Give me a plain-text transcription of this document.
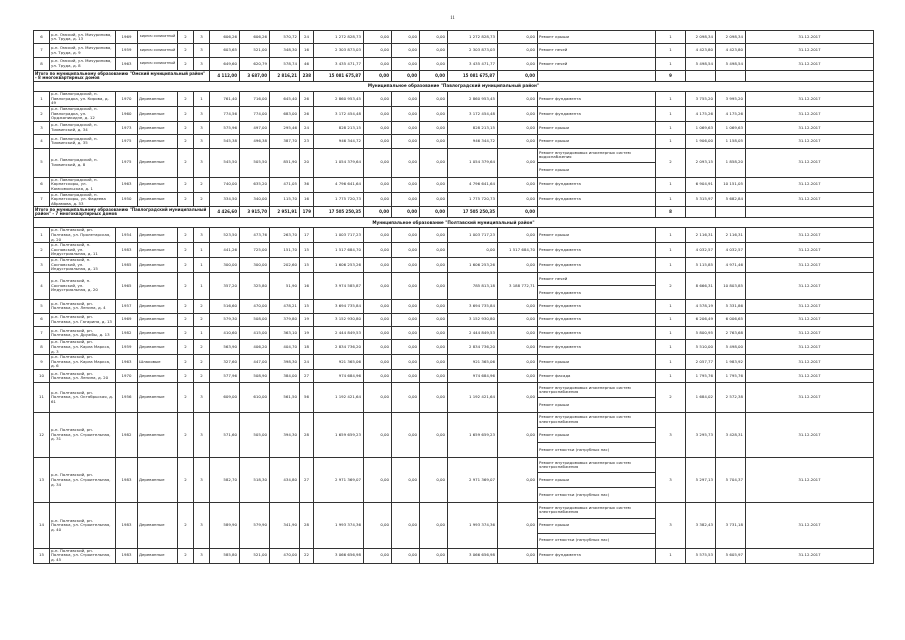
11
6	р-н. Омский, ул. Мичуринова, ул. Труда, д. 13	1969	кирпич силикатный	2	3	606,26	606,26	570,72	24	1 272 828,73	0,00	0,00	0,00	1 272 828,73	0,00	Ремонт крыши	1	2 098,34	2 098,34	31.12.2017
7	р-н. Омский, ул. Мичуринова, ул. Труда, д. 9	1959	кирпич силикатный	2	3	603,65	521,00	348,30	16	2 303 873,03	0,00	0,00	0,00	2 303 873,03	0,00	Ремонт печей	1	4 423,80	4 423,80	31.12.2017
8	р-н. Омский, ул. Мичуринова, ул. Труда, д. 8	1963	кирпич силикатный	2	3	649,60	620,79	578,74	46	3 435 471,77	0,00	0,00	0,00	3 435 471,77	0,00	Ремонт печей	1	5 498,54	5 498,54	31.12.2017
Итого по муниципальному образованию "Омский муниципальный район" - 8 многоквартирных домов						4 112,00	3 687,00	2 816,21	238	15 081 675,87	0,00	0,00	0,00	15 081 675,87	0,00		9			
Муниципальное образование "Павлоградский муниципальный район"																				
1	р-н. Павлоградский, п. Павлоградка, ул. Кирова, д. 49	1970	Деревянные	2	1	761,40	716,00	645,40	26	2 860 953,45	0,00	0,00	0,00	2 860 953,45	0,00	Ремонт фундамента	1	3 755,20	3 995,20	31.12.2017
2	р-н. Павлоградский, п. Павлоградка, ул. Орджоникидзе, д. 12	1960	Деревянные	2	3	774,56	774,00	683,00	26	3 172 454,48	0,00	0,00	0,00	3 172 454,48	0,00	Ремонт фундамента	1	4 175,26	4 175,26	31.12.2017
3	р-н. Павлоградский, п. Тихвинский, д. 34	1973	Деревянные	2	3	575,96	497,00	295,46	24	828 213,15	0,00	0,00	0,00	828 213,15	0,00	Ремонт крыши	1	1 069,63	1 069,63	31.12.2017
4	р-н. Павлоградский, п. Тихвинский, д. 35	1975	Деревянные	2	3	545,38	496,38	387,70	23	946 344,72	0,00	0,00	0,00	946 344,72	0,00	Ремонт крыши	1	1 906,00	1 158,05	31.12.2017
5	р-н. Павлоградский, п. Тихвинский, д. 8	1975	Деревянные	2	3	545,50	505,50	851,90	20	1 054 379,64	0,00	0,00	0,00	1 054 379,64	0,00	Ремонт внутридомовых инженерных систем водоснабжения
Ремонт крыши	2	2 093,15	1 858,20	31.12.2017
6	р-н. Павлоградский, п. Карпатскоры, ул. Комсомольская, д. 1	1963	Деревянные	2	2	740,00	635,20	471,05	36	4 796 641,64	0,00	0,00	0,00	4 796 641,64	0,00	Ремонт фундамента	1	6 904,91	10 151,05	31.12.2017
7	р-н. Павлоградский, п. Карпатскоры, ул. Фадеева Абрамова, д. 53	1950	Деревянные	2	2	334,50	340,00	115,70	16	1 775 720,73	0,00	0,00	0,00	1 775 720,73	0,00	Ремонт фундамента	1	5 315,97	5 682,84	31.12.2017
Итого по муниципальному образованию "Павлоградский муниципальный район" - 7 многоквартирных домов						4 426,60	3 915,70	2 951,91	179	17 505 250,35	0,00	0,00	0,00	17 505 250,35	0,00		8			
Муниципальное образование "Полтавский муниципальный район"																				
1	р-н. Полтавский, рп. Полтавка, ул. Пролетарская, д. 20	1954	Деревянные	2	3	523,50	473,76	263,70	17	1 003 717,23	0,00	0,00	0,00	1 003 717,23	0,00	Ремонт крыши	1	2 116,31	2 116,31	31.12.2017
2	р-н. Полтавский, п. Сосновский, ул. Индустриальная, д. 11	1983	Деревянные	2	1	441,26	725,00	151,70	15	1 517 684,70	0,00	0,00	0,00	0,00	1 517 684,70	Ремонт фундамента	1	4 032,57	4 032,57	31.12.2017
3	р-н. Полтавский, п. Сосновский, ул. Индустриальная, д. 15	1985	Деревянные	2	1	300,00	300,00	202,60	15	1 606 253,26	0,00	0,00	0,00	1 606 253,26	0,00	Ремонт фундамента	1	5 115,85	4 971,46	31.12.2017
4	р-н. Полтавский, п. Сосновский, ул. Индустриальная, д. 20	1965	Деревянные	2	1	357,20	325,80	51,90	16	3 974 585,87	0,00	0,00	0,00	785 813,18	3 188 772,71	Ремонт печей
Ремонт фундамента	2	8 666,31	10 803,85	31.12.2017
5	р-н. Полтавский, рп. Полтавка, ул. Ленина, д. 4	1957	Деревянные	2	2	516,60	470,00	478,21	15	3 694 735,84	0,00	0,00	0,00	3 694 735,84	0,00	Ремонт фундамента	1	4 578,19	5 331,86	31.12.2017
6	р-н. Полтавский, рп. Полтавка, ул. Гагарина, д. 13	1969	Деревянные	2	2	579,30	508,00	379,80	19	3 152 930,80	0,00	0,00	0,00	3 152 930,80	0,00	Ремонт фундамента	1	6 206,49	6 006,65	31.12.2017
7	р-н. Полтавский, рп. Полтавка, ул. Дружбы, д. 13	1982	Деревянные	2	1	410,60	415,00	363,10	19	2 444 849,53	0,00	0,00	0,00	2 444 849,53	0,00	Ремонт фундамента	1	5 800,95	2 763,68	31.12.2017
8	р-н. Полтавский, рп. Полтавка, ул. Карла Маркса, д. 3	1959	Деревянные	2	2	563,90	406,20	404,70	18	2 834 736,20	0,00	0,00	0,00	2 834 736,20	0,00	Ремонт фундамента	1	5 510,00	5 498,00	31.12.2017
9	р-н. Полтавский, рп. Полтавка, ул. Карла Маркса, д. 6	1963	Шлаковые	2	2	327,60	447,00	398,30	24	921 365,06	0,00	0,00	0,00	921 365,06	0,00	Ремонт крыши	1	2 057,77	1 983,92	31.12.2017
10	р-н. Полтавский, рп. Полтавка, ул. Ленина, д. 20	1970	Деревянные	2	2	577,96	508,90	384,00	27	974 684,96	0,00	0,00	0,00	974 684,96	0,00	Ремонт фасада	1	1 795,76	1 795,76	31.12.2017
11	р-н. Полтавский, рп. Полтавка, ул. Октябрьская, д. 61	1956	Деревянные	2	3	609,00	610,00	561,50	56	1 192 421,64	0,00	0,00	0,00	1 192 421,64	0,00	Ремонт внутридомовых инженерных систем электроснабжения
Ремонт крыши	2	1 684,02	2 572,38	31.12.2017
12	р-н. Полтавский, рп. Полтавка, ул. Строительная, д. 31	1982	Деревянные	2	3	571,60	505,00	394,30	28	1 659 659,23	0,00	0,00	0,00	1 659 659,23	0,00	Ремонт внутридомовых инженерных систем электроснабжения
Ремонт крыши
Ремонт отмостки (натрубных нас)	3	3 295,73	3 428,31	31.12.2017
13	р-н. Полтавский, рп. Полтавка, ул. Строительная, д. 34	1983	Деревянные	2	3	582,70	518,30	434,80	27	2 971 369,07	0,00	0,00	0,00	2 971 369,07	0,00	Ремонт внутридомовых инженерных систем электроснабжения
Ремонт крыши
Ремонт отмостки (натрубных нас)	3	5 297,13	5 704,37	31.12.2017
14	р-н. Полтавский, рп. Полтавка, ул. Строительная, д. 40	1983	Деревянные	2	3	589,90	579,90	341,90	28	1 993 374,36	0,00	0,00	0,00	1 993 374,36	0,00	Ремонт внутридомовых инженерных систем электроснабжения
Ремонт крыши
Ремонт отмостки (натрубных нас)	3	3 382,43	3 731,18	31.12.2017
15	р-н. Полтавский, рп. Полтавка, ул. Строительная, д. 45	1983	Деревянные	2	3	585,80	521,00	470,00	22	3 066 656,98	0,00	0,00	0,00	3 066 656,98	0,00	Ремонт фундамента	1	5 575,53	5 605,97	31.12.2017
